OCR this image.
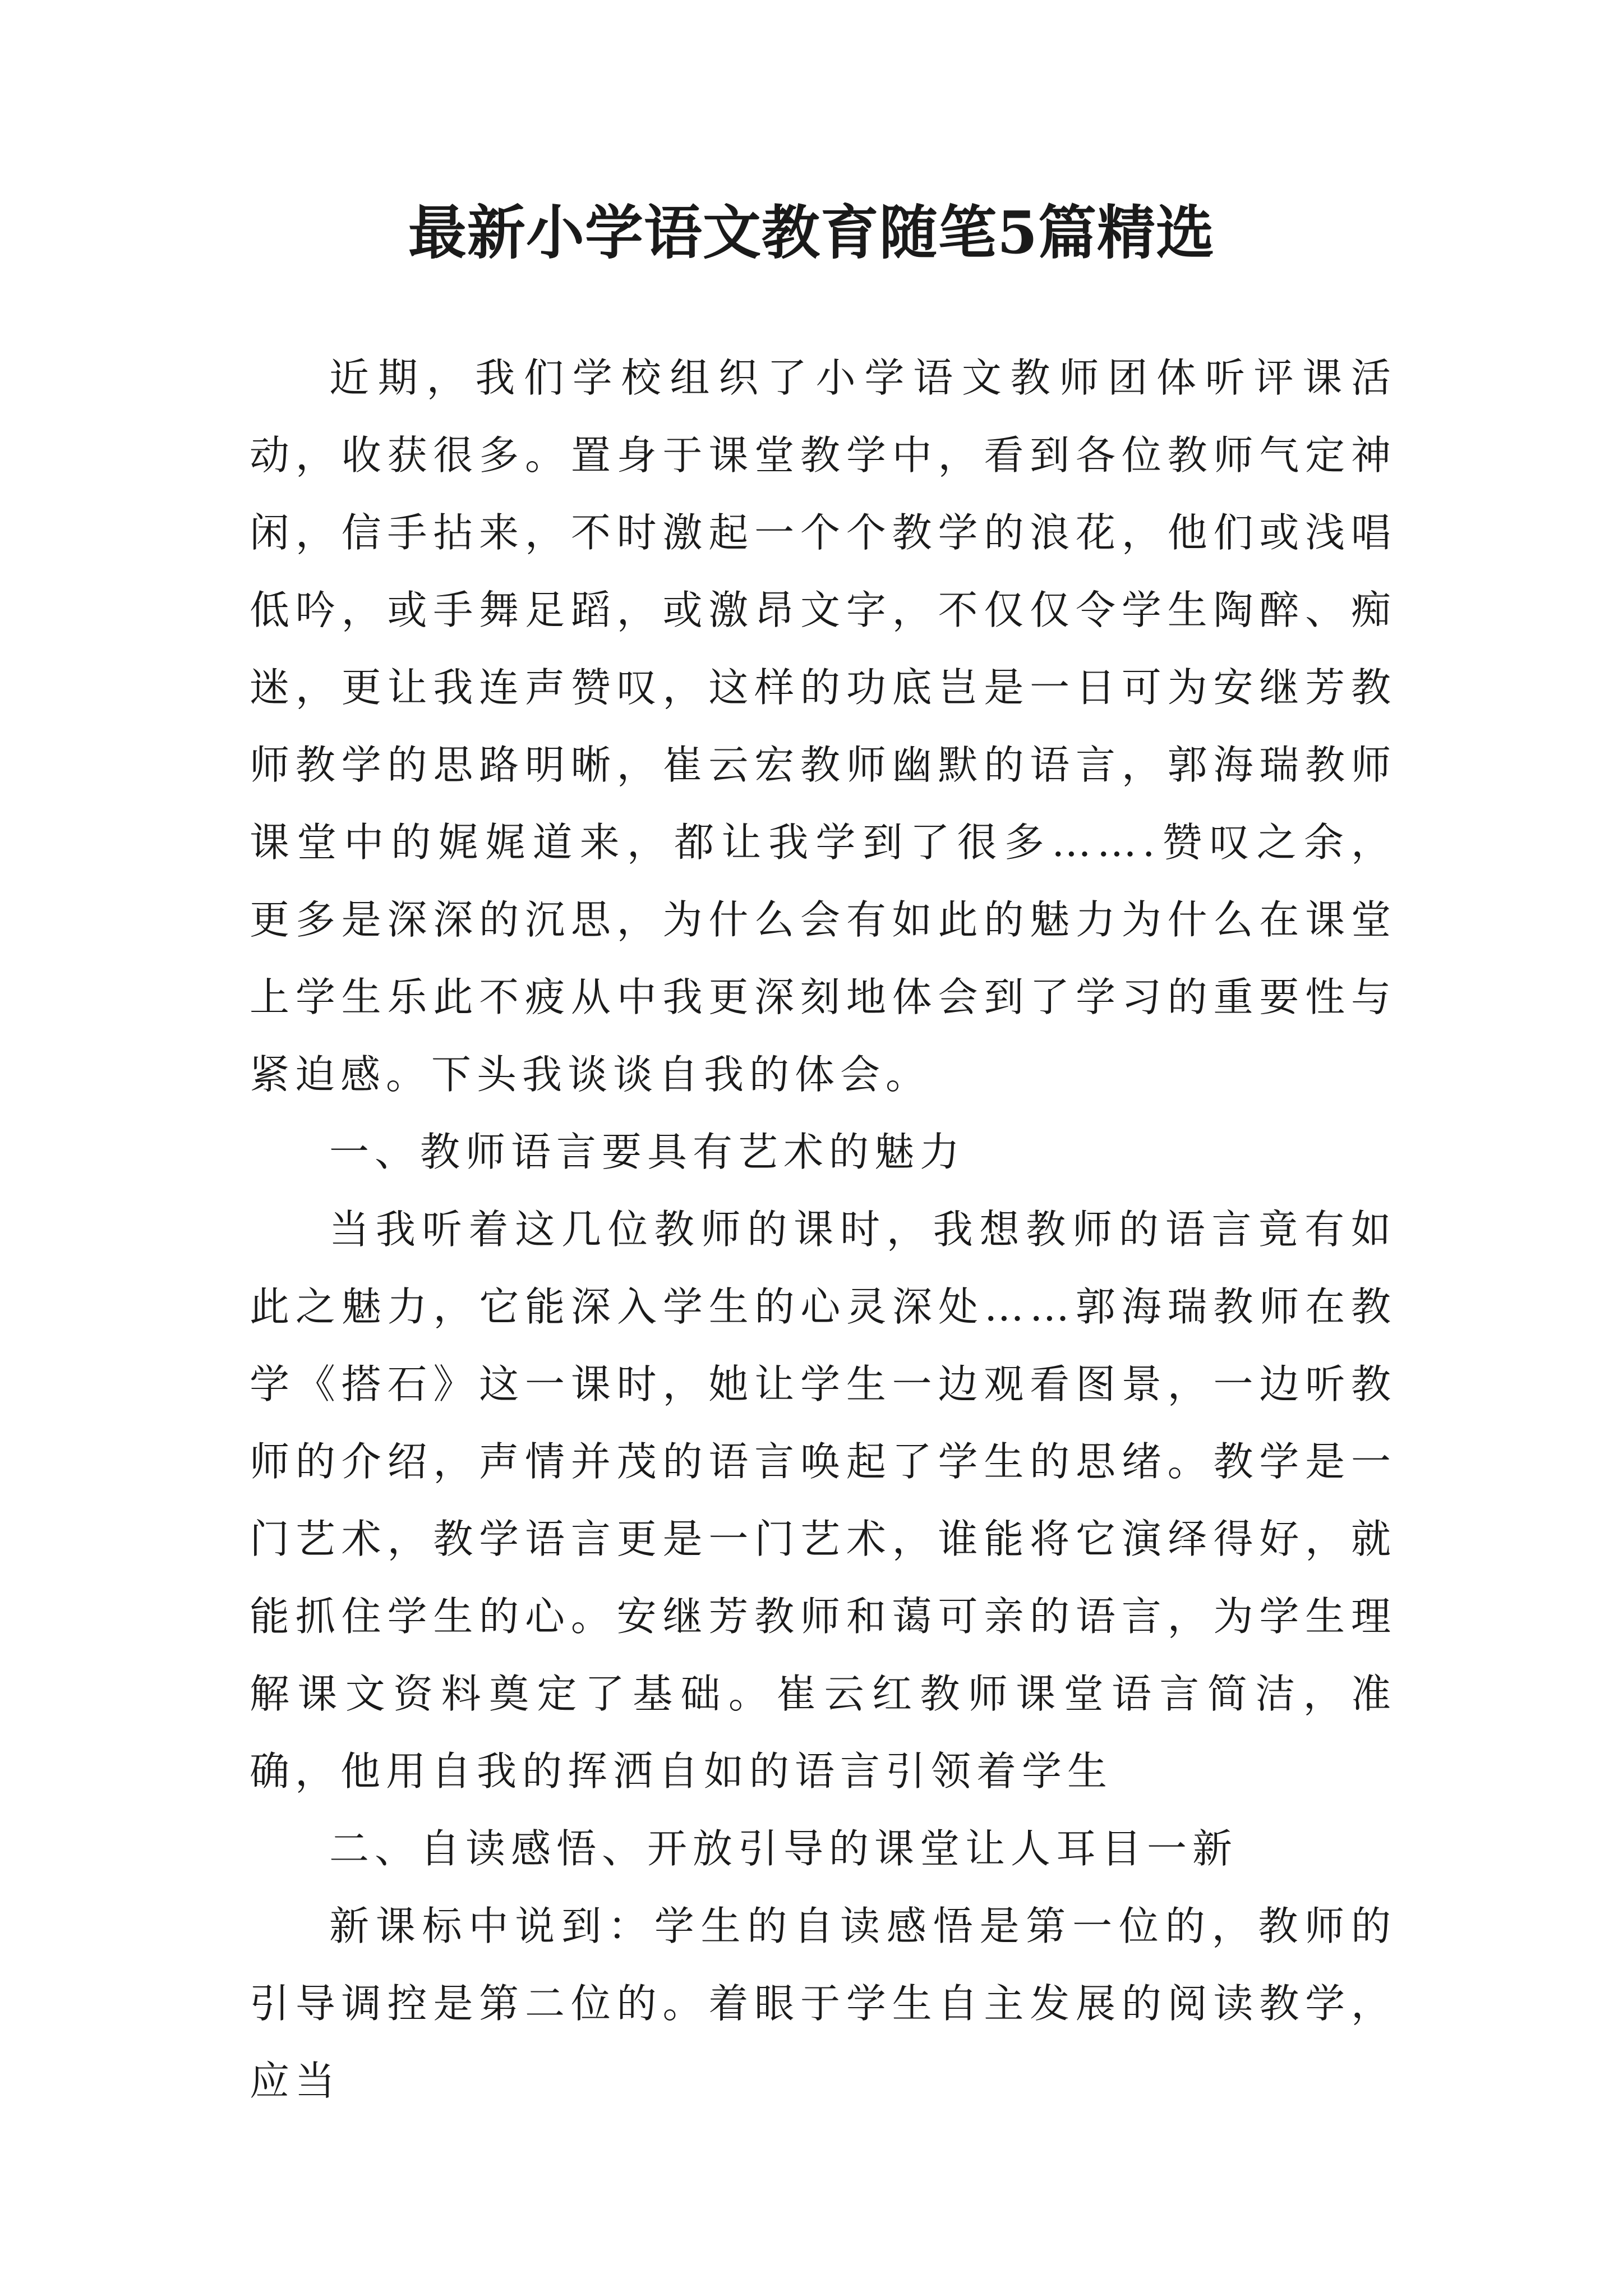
最新小学语文教育随笔5篇精选

近期，我们学校组织了小学语文教师团体听评课活动，收获很多。置身于课堂教学中，看到各位教师气定神闲，信手拈来，不时激起一个个教学的浪花，他们或浅唱低吟，或手舞足蹈，或激昂文字，不仅仅令学生陶醉、痴迷，更让我连声赞叹，这样的功底岂是一日可为安继芳教师教学的思路明晰，崔云宏教师幽默的语言，郭海瑞教师课堂中的娓娓道来，都让我学到了很多…….赞叹之余，更多是深深的沉思，为什么会有如此的魅力为什么在课堂上学生乐此不疲从中我更深刻地体会到了学习的重要性与紧迫感。下头我谈谈自我的体会。

一、教师语言要具有艺术的魅力

当我听着这几位教师的课时，我想教师的语言竟有如此之魅力，它能深入学生的心灵深处……郭海瑞教师在教学《搭石》这一课时，她让学生一边观看图景，一边听教师的介绍，声情并茂的语言唤起了学生的思绪。教学是一门艺术，教学语言更是一门艺术，谁能将它演绎得好，就能抓住学生的心。安继芳教师和蔼可亲的语言，为学生理解课文资料奠定了基础。崔云红教师课堂语言简洁，准确，他用自我的挥洒自如的语言引领着学生

二、自读感悟、开放引导的课堂让人耳目一新

新课标中说到：学生的自读感悟是第一位的，教师的引导调控是第二位的。着眼于学生自主发展的阅读教学，应当
